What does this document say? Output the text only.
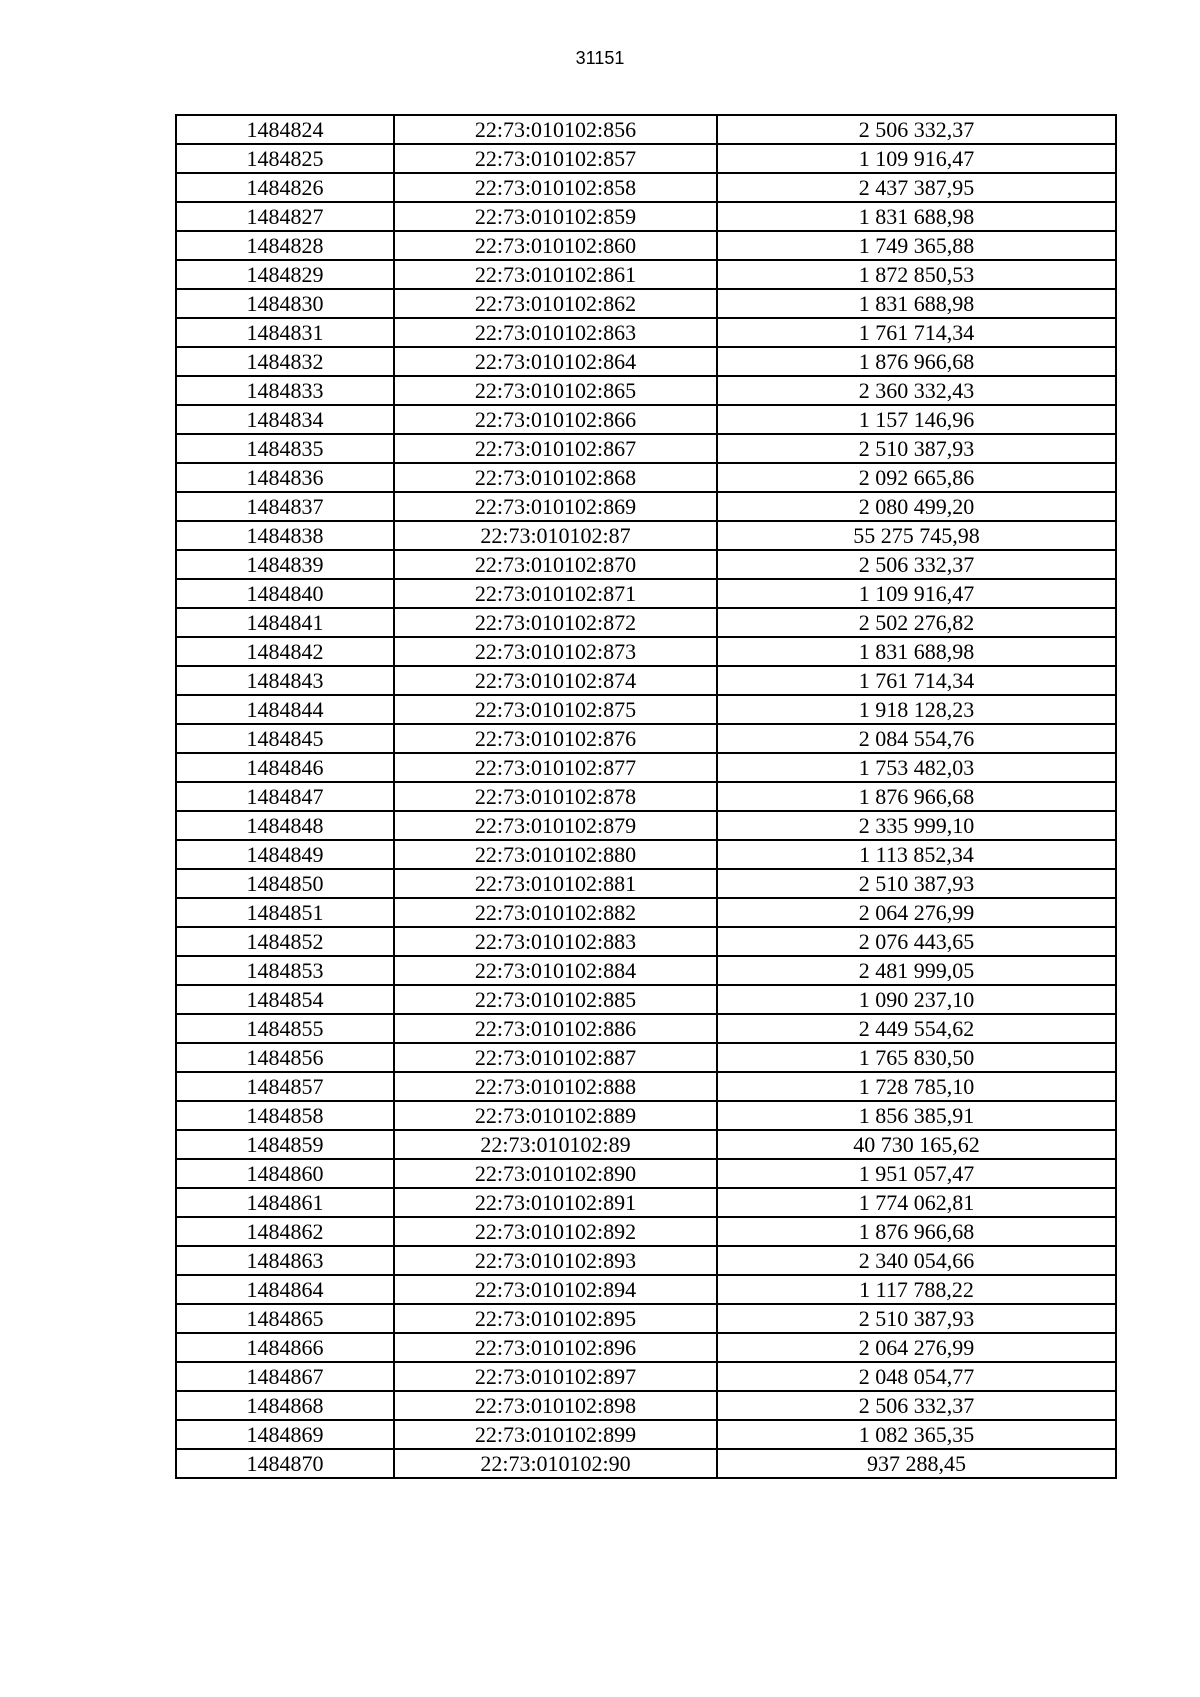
31151
1484824	22:73:010102:856	2 506 332,37
1484825	22:73:010102:857	1 109 916,47
1484826	22:73:010102:858	2 437 387,95
1484827	22:73:010102:859	1 831 688,98
1484828	22:73:010102:860	1 749 365,88
1484829	22:73:010102:861	1 872 850,53
1484830	22:73:010102:862	1 831 688,98
1484831	22:73:010102:863	1 761 714,34
1484832	22:73:010102:864	1 876 966,68
1484833	22:73:010102:865	2 360 332,43
1484834	22:73:010102:866	1 157 146,96
1484835	22:73:010102:867	2 510 387,93
1484836	22:73:010102:868	2 092 665,86
1484837	22:73:010102:869	2 080 499,20
1484838	22:73:010102:87	55 275 745,98
1484839	22:73:010102:870	2 506 332,37
1484840	22:73:010102:871	1 109 916,47
1484841	22:73:010102:872	2 502 276,82
1484842	22:73:010102:873	1 831 688,98
1484843	22:73:010102:874	1 761 714,34
1484844	22:73:010102:875	1 918 128,23
1484845	22:73:010102:876	2 084 554,76
1484846	22:73:010102:877	1 753 482,03
1484847	22:73:010102:878	1 876 966,68
1484848	22:73:010102:879	2 335 999,10
1484849	22:73:010102:880	1 113 852,34
1484850	22:73:010102:881	2 510 387,93
1484851	22:73:010102:882	2 064 276,99
1484852	22:73:010102:883	2 076 443,65
1484853	22:73:010102:884	2 481 999,05
1484854	22:73:010102:885	1 090 237,10
1484855	22:73:010102:886	2 449 554,62
1484856	22:73:010102:887	1 765 830,50
1484857	22:73:010102:888	1 728 785,10
1484858	22:73:010102:889	1 856 385,91
1484859	22:73:010102:89	40 730 165,62
1484860	22:73:010102:890	1 951 057,47
1484861	22:73:010102:891	1 774 062,81
1484862	22:73:010102:892	1 876 966,68
1484863	22:73:010102:893	2 340 054,66
1484864	22:73:010102:894	1 117 788,22
1484865	22:73:010102:895	2 510 387,93
1484866	22:73:010102:896	2 064 276,99
1484867	22:73:010102:897	2 048 054,77
1484868	22:73:010102:898	2 506 332,37
1484869	22:73:010102:899	1 082 365,35
1484870	22:73:010102:90	937 288,45
